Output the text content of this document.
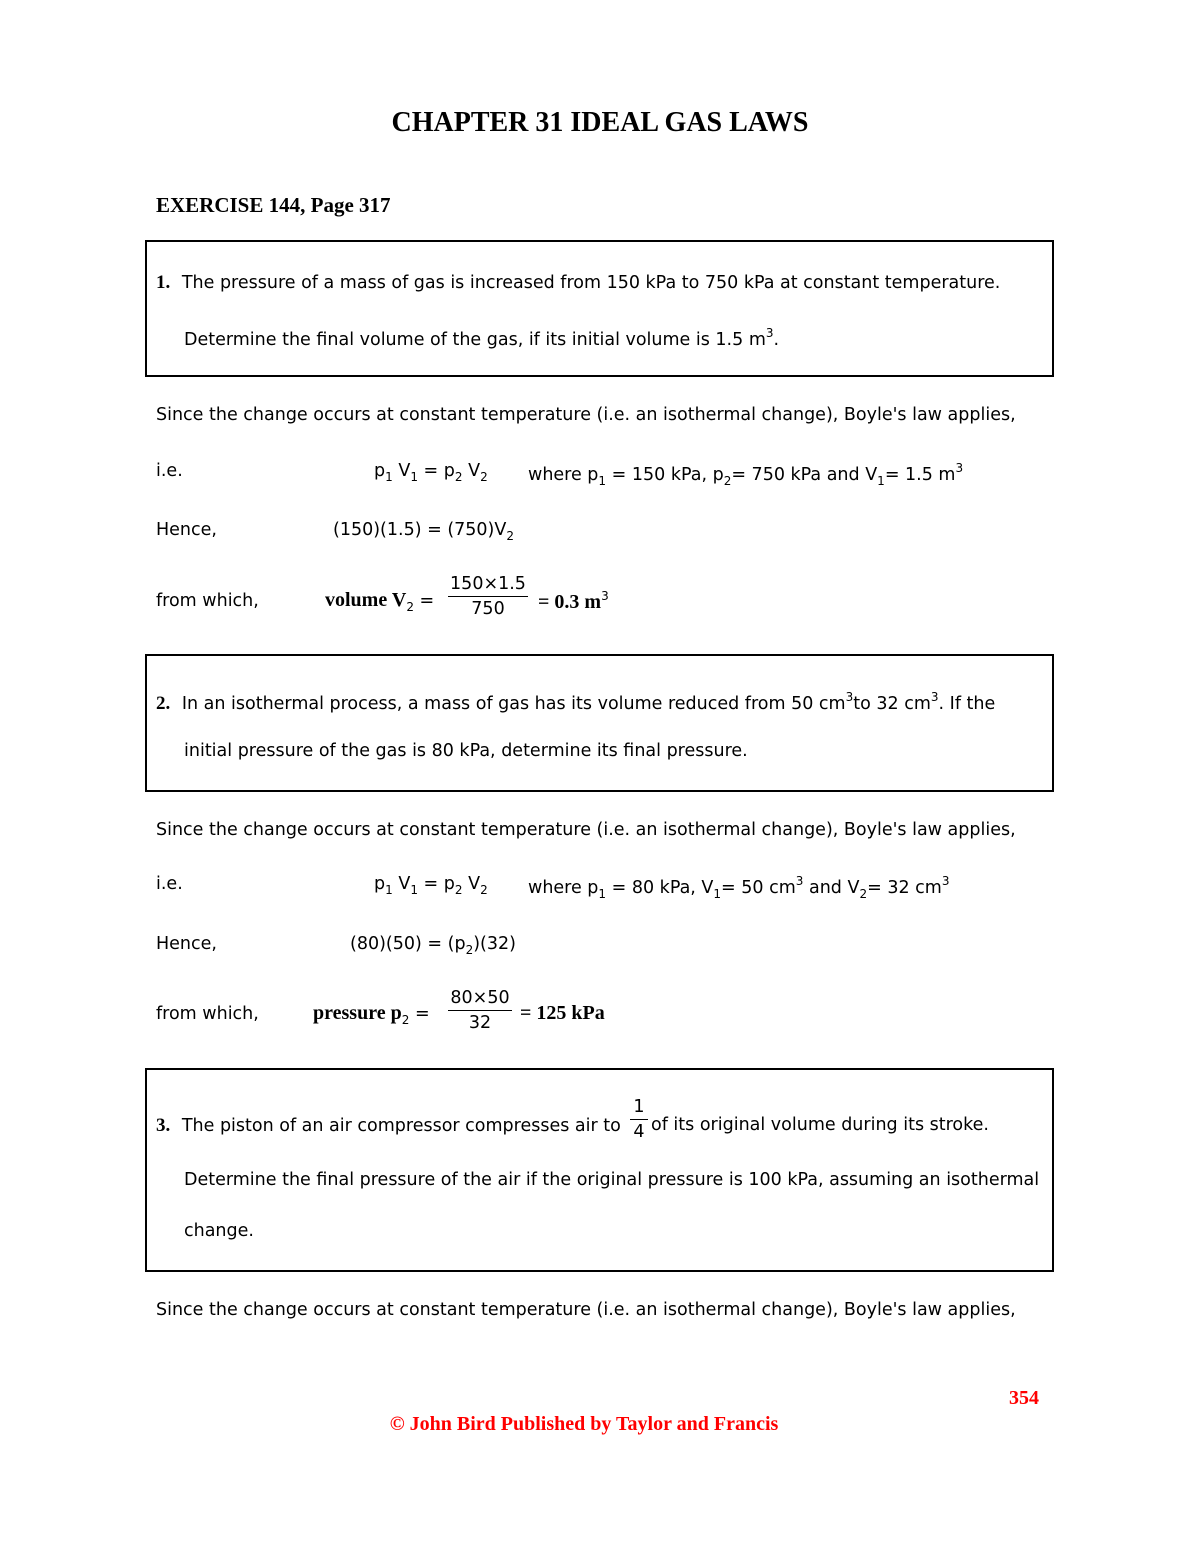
CHAPTER 31 IDEAL GAS LAWS
EXERCISE 144, Page 317
1. The pressure of a mass of gas is increased from 150 kPa to 750 kPa at constant temperature.
Determine the final volume of the gas, if its initial volume is 1.5 $m^3$.
Since the change occurs at constant temperature (i.e. an isothermal change), Boyle's law applies,
i.e.	$p_1$ $V_1 = p_2$ $V_2$ where $p_1 = 150$ kPa, $p_2= 750$ kPa and $V_1= 1.5$ $m^3$
Hence,	$(150)(1.5) = (750)V_2$
from which,	volume $V_2$ =
150×1.5
750	= 0.3 $m^3$
2. In an isothermal process, a mass of gas has its volume reduced from 50 $cm^3to$ 32 $cm^3$. If the
initial pressure of the gas is 80 kPa, determine its final pressure.
Since the change occurs at constant temperature (i.e. an isothermal change), Boyle's law applies,
i.e.	$p_1$ $V_1 = p_2$ $V_2$ where $p_1 = 80$ kPa, $V_1= 50$ $cm^3$ and $V_2= 32$ $cm^3$
Hence,	$(80)(50) = (p_2)(32)$
from which,	pressure $p_2$ =
80×50
32	= 125 kPa
3. The piston of an air compressor compresses air to
1
4 of its original volume during its stroke.
Determine the final pressure of the air if the original pressure is 100 kPa, assuming an isothermal
change.
Since the change occurs at constant temperature (i.e. an isothermal change), Boyle's law applies,
354
© John Bird Published by Taylor and Francis
